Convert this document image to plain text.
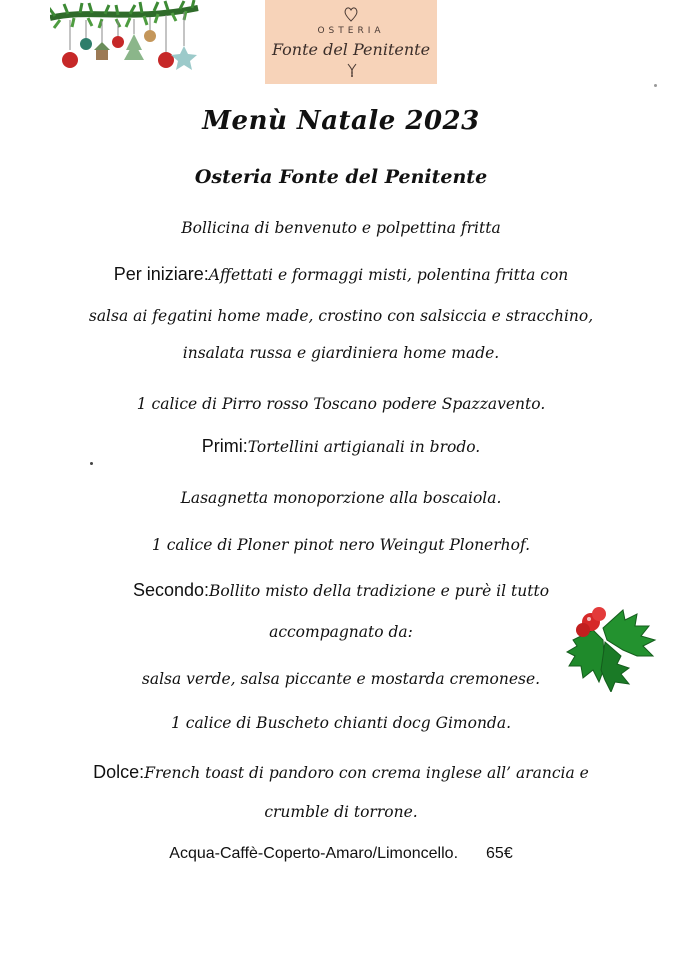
OSTERIA
Fonte del Penitente
Menù Natale 2023
Osteria Fonte del Penitente
Bollicina di benvenuto e polpettina fritta
Per iniziare:Affettati e formaggi misti, polentina fritta con
salsa ai fegatini home made, crostino con salsiccia e stracchino,
insalata russa e giardiniera home made.
1 calice di Pirro rosso Toscano podere Spazzavento.
Primi:Tortellini artigianali in brodo.
Lasagnetta monoporzione alla boscaiola.
1 calice di Ploner pinot nero Weingut Plonerhof.
Secondo:Bollito misto della tradizione e purè il tutto
accompagnato da:
salsa verde, salsa piccante e mostarda cremonese.
1 calice di Buscheto chianti docg Gimonda.
Dolce:French toast di pandoro con crema inglese all’ arancia e
crumble di torrone.
Acqua-Caffè-Coperto-Amaro/Limoncello. 65€
